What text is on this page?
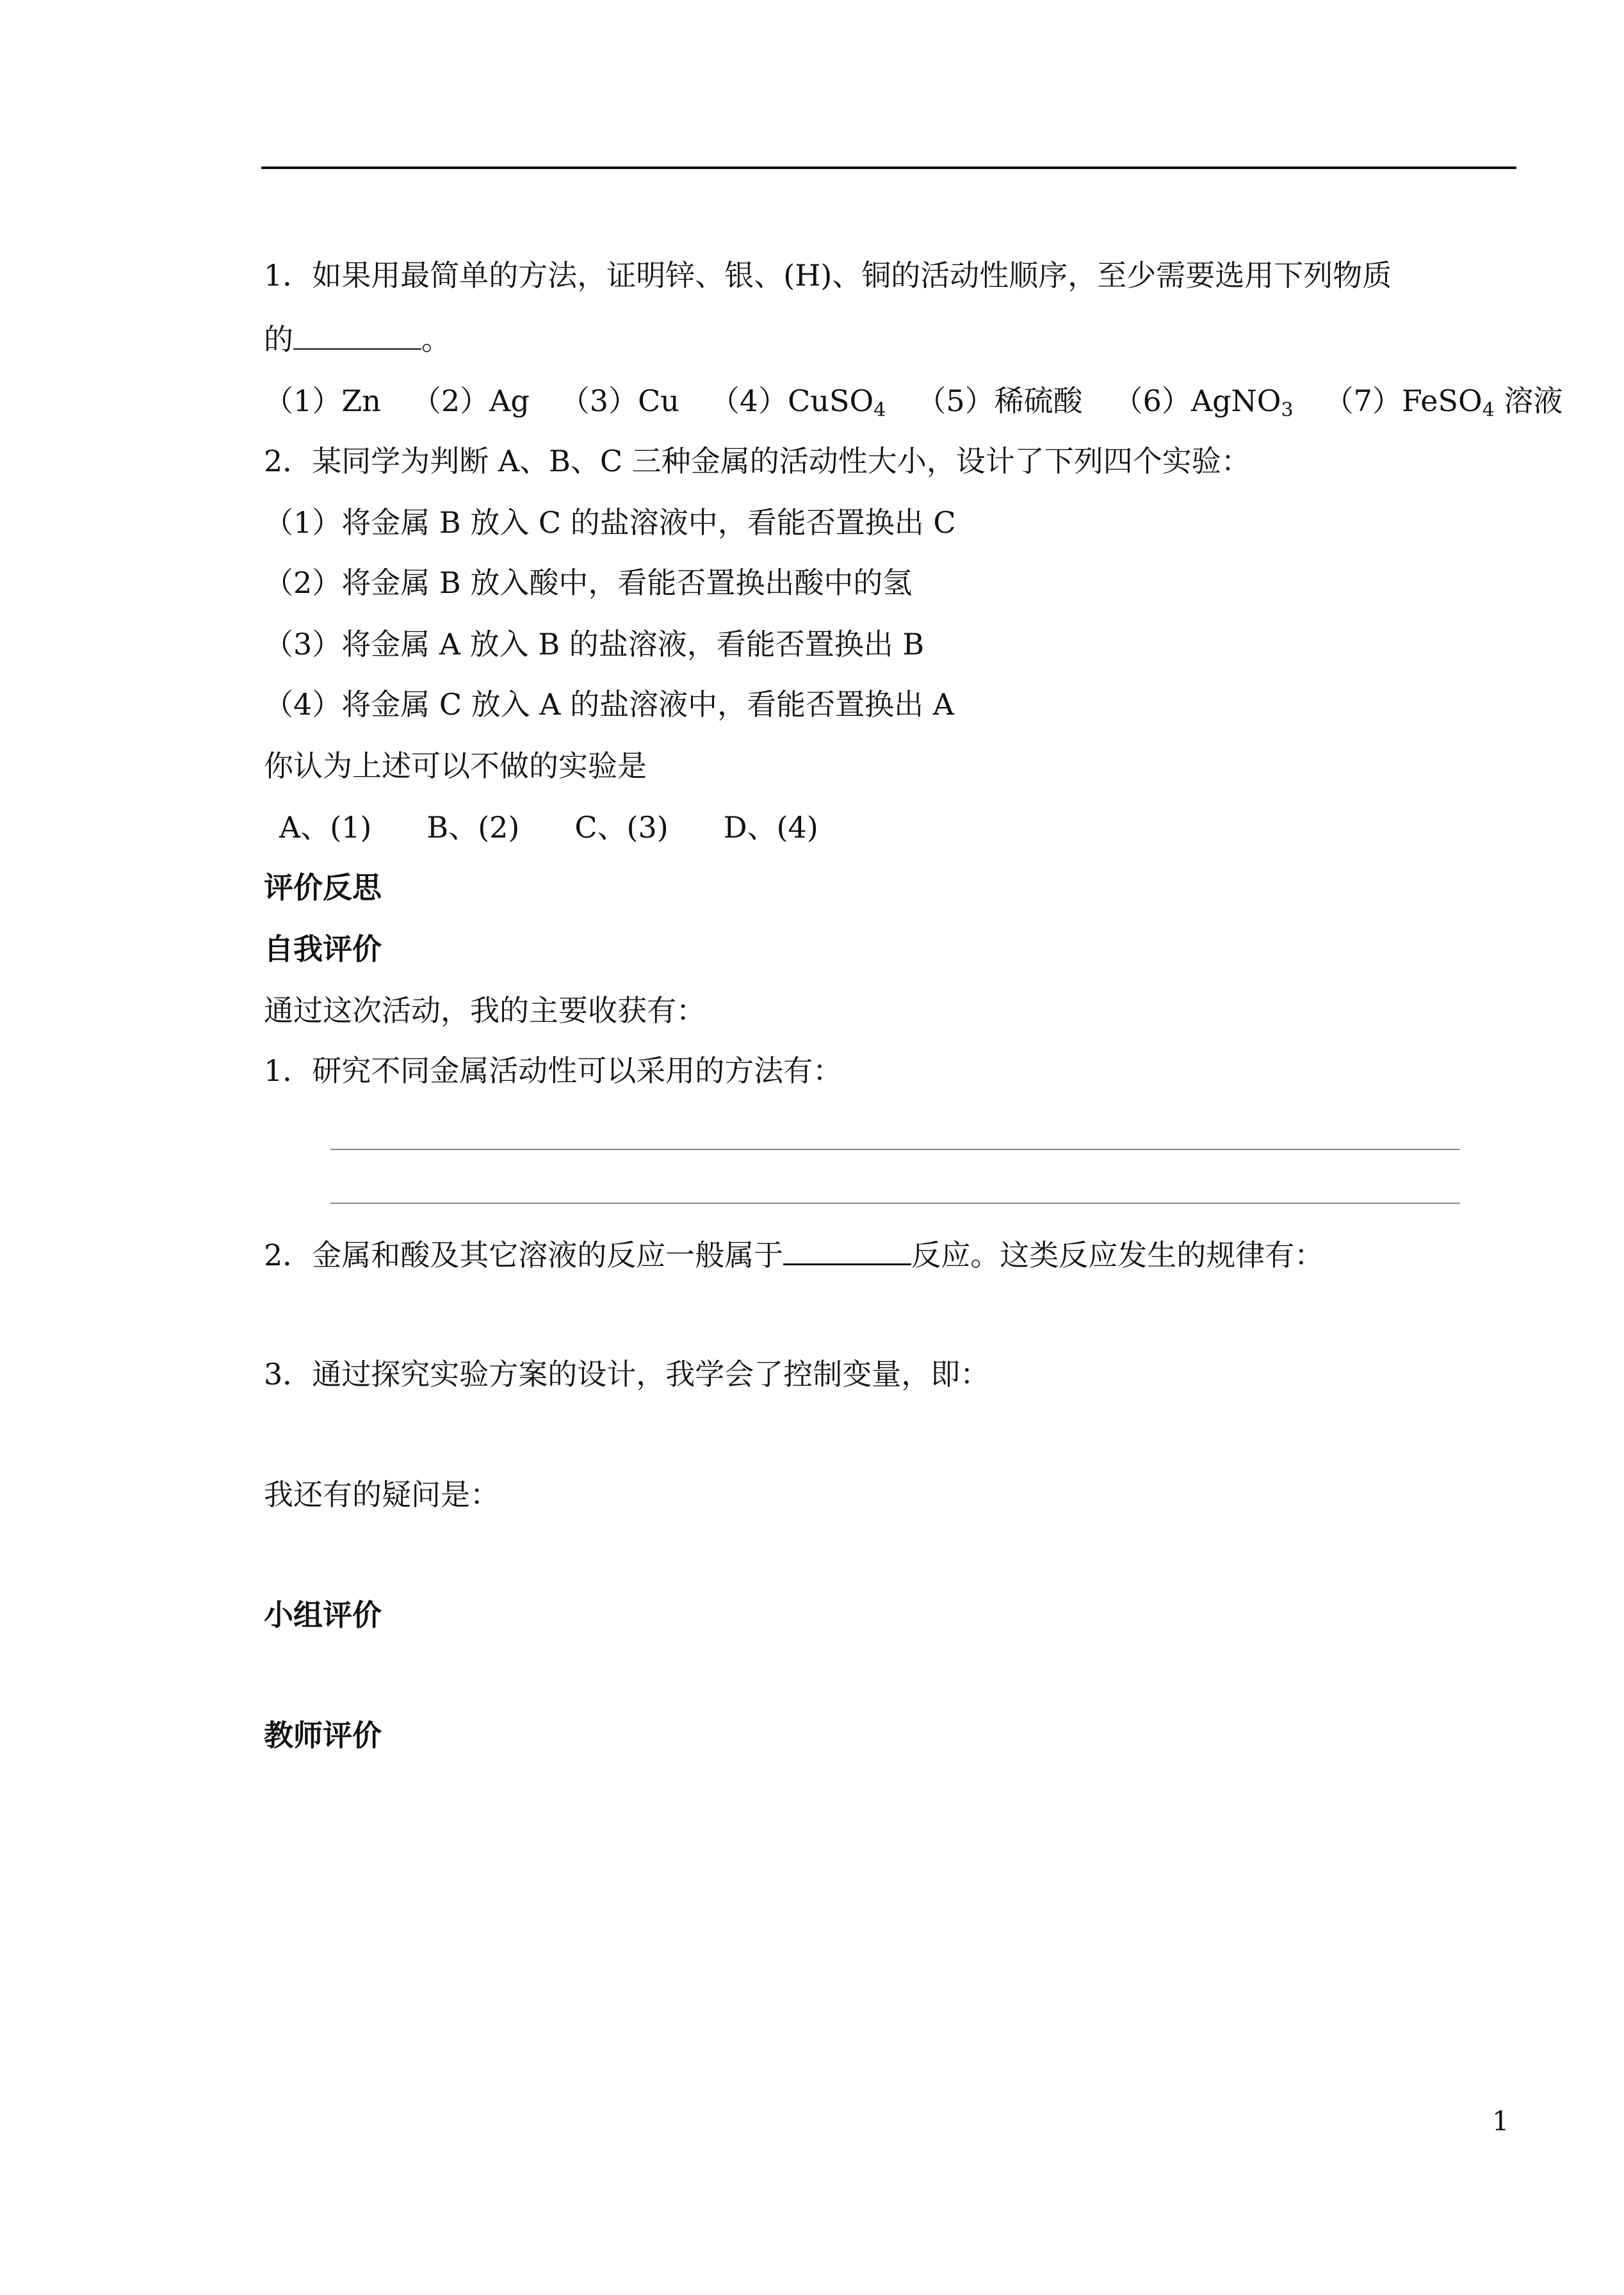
1．如果用最简单的方法，证明锌、银、(H)、铜的活动性顺序，至少需要选用下列物质
的	。
（1）Zn （2）Ag （3）Cu （4）CuSO$_4$ （5）稀硫酸 （6）AgNO$_3$ （7）FeSO$_4$ 溶液
2．某同学为判断 A、B、C 三种金属的活动性大小，设计了下列四个实验：
（1）将金属 B 放入 C 的盐溶液中，看能否置换出 C
（2）将金属 B 放入酸中，看能否置换出酸中的氢
（3）将金属 A 放入 B 的盐溶液，看能否置换出 B
（4）将金属 C 放入 A 的盐溶液中，看能否置换出 A
你认为上述可以不做的实验是
A、(1) B、(2) C、(3) D、(4)
评价反思
自我评价
通过这次活动，我的主要收获有：
1．研究不同金属活动性可以采用的方法有：
2．金属和酸及其它溶液的反应一般属于	反应。这类反应发生的规律有：
3．通过探究实验方案的设计，我学会了控制变量，即：
我还有的疑问是：
小组评价
教师评价
1
